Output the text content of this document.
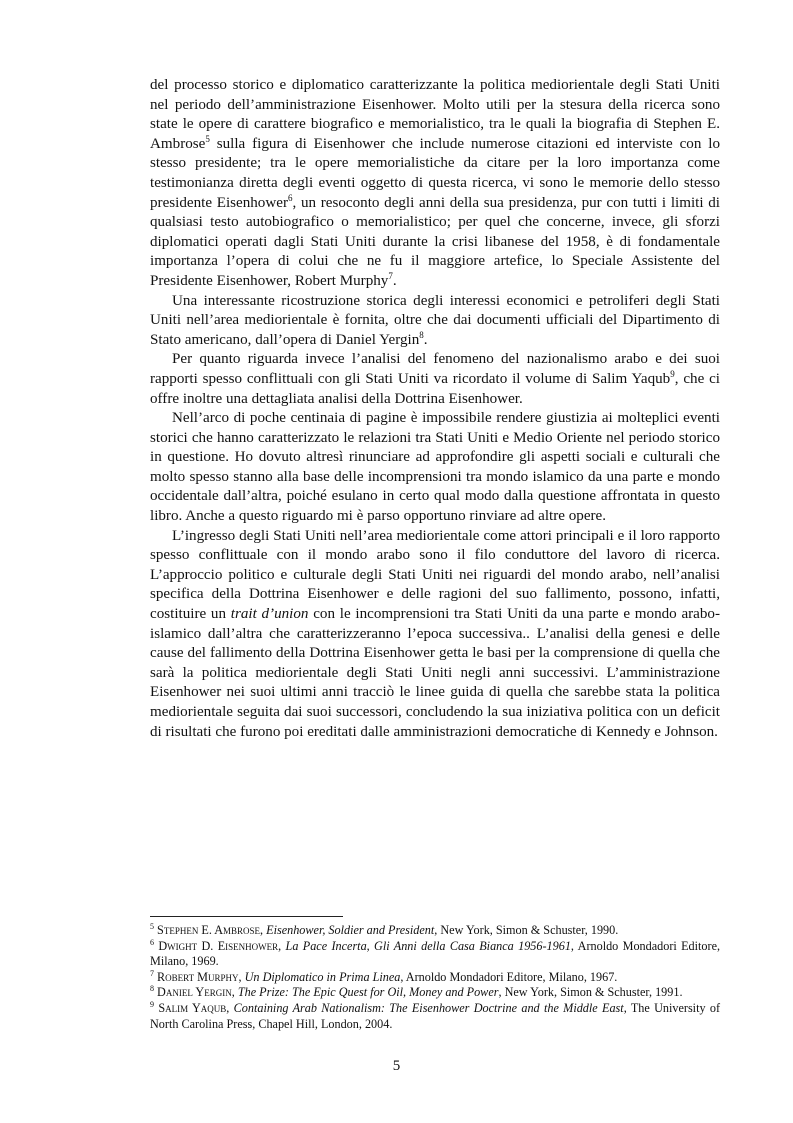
del processo storico e diplomatico caratterizzante la politica mediorientale degli Stati Uniti nel periodo dell’amministrazione Eisenhower. Molto utili per la stesura della ricerca sono state le opere di carattere biografico e memorialistico, tra le quali la biografia di Stephen E. Ambrose$^5$ sulla figura di Eisenhower che include numerose citazioni ed interviste con lo stesso presidente; tra le opere memorialistiche da citare per la loro importanza come testimonianza diretta degli eventi oggetto di questa ricerca, vi sono le memorie dello stesso presidente Eisenhower$^6$, un resoconto degli anni della sua presidenza, pur con tutti i limiti di qualsiasi testo autobiografico o memorialistico; per quel che concerne, invece, gli sforzi diplomatici operati dagli Stati Uniti durante la crisi libanese del 1958, è di fondamentale importanza l’opera di colui che ne fu il maggiore artefice, lo Speciale Assistente del Presidente Eisenhower, Robert Murphy$^7$.

Una interessante ricostruzione storica degli interessi economici e petroliferi degli Stati Uniti nell’area mediorientale è fornita, oltre che dai documenti ufficiali del Dipartimento di Stato americano, dall’opera di Daniel Yergin$^8$.

Per quanto riguarda invece l’analisi del fenomeno del nazionalismo arabo e dei suoi rapporti spesso conflittuali con gli Stati Uniti va ricordato il volume di Salim Yaqub$^9$, che ci offre inoltre una dettagliata analisi della Dottrina Eisenhower.

Nell’arco di poche centinaia di pagine è impossibile rendere giustizia ai molteplici eventi storici che hanno caratterizzato le relazioni tra Stati Uniti e Medio Oriente nel periodo storico in questione. Ho dovuto altresì rinunciare ad approfondire gli aspetti sociali e culturali che molto spesso stanno alla base delle incomprensioni tra mondo islamico da una parte e mondo occidentale dall’altra, poiché esulano in certo qual modo dalla questione affrontata in questo libro. Anche a questo riguardo mi è parso opportuno rinviare ad altre opere.

L’ingresso degli Stati Uniti nell’area mediorientale come attori principali e il loro rapporto spesso conflittuale con il mondo arabo sono il filo conduttore del lavoro di ricerca. L’approccio politico e culturale degli Stati Uniti nei riguardi del mondo arabo, nell’analisi specifica della Dottrina Eisenhower e delle ragioni del suo fallimento, possono, infatti, costituire un trait d’union con le incomprensioni tra Stati Uniti da una parte e mondo arabo-islamico dall’altra che caratterizzeranno l’epoca successiva.. L’analisi della genesi e delle cause del fallimento della Dottrina Eisenhower getta le basi per la comprensione di quella che sarà la politica mediorientale degli Stati Uniti negli anni successivi. L’amministrazione Eisenhower nei suoi ultimi anni tracciò le linee guida di quella che sarebbe stata la politica mediorientale seguita dai suoi successori, concludendo la sua iniziativa politica con un deficit di risultati che furono poi ereditati dalle amministrazioni democratiche di Kennedy e Johnson.

$^5$ Stephen E. Ambrose, Eisenhower, Soldier and President, New York, Simon & Schuster, 1990.
$^6$ Dwight D. Eisenhower, La Pace Incerta, Gli Anni della Casa Bianca 1956-1961, Arnoldo Mondadori Editore, Milano, 1969.
$^7$ Robert Murphy, Un Diplomatico in Prima Linea, Arnoldo Mondadori Editore, Milano, 1967.
$^8$ Daniel Yergin, The Prize: The Epic Quest for Oil, Money and Power, New York, Simon & Schuster, 1991.
$^9$ Salim Yaqub, Containing Arab Nationalism: The Eisenhower Doctrine and the Middle East, The University of North Carolina Press, Chapel Hill, London, 2004.
5
